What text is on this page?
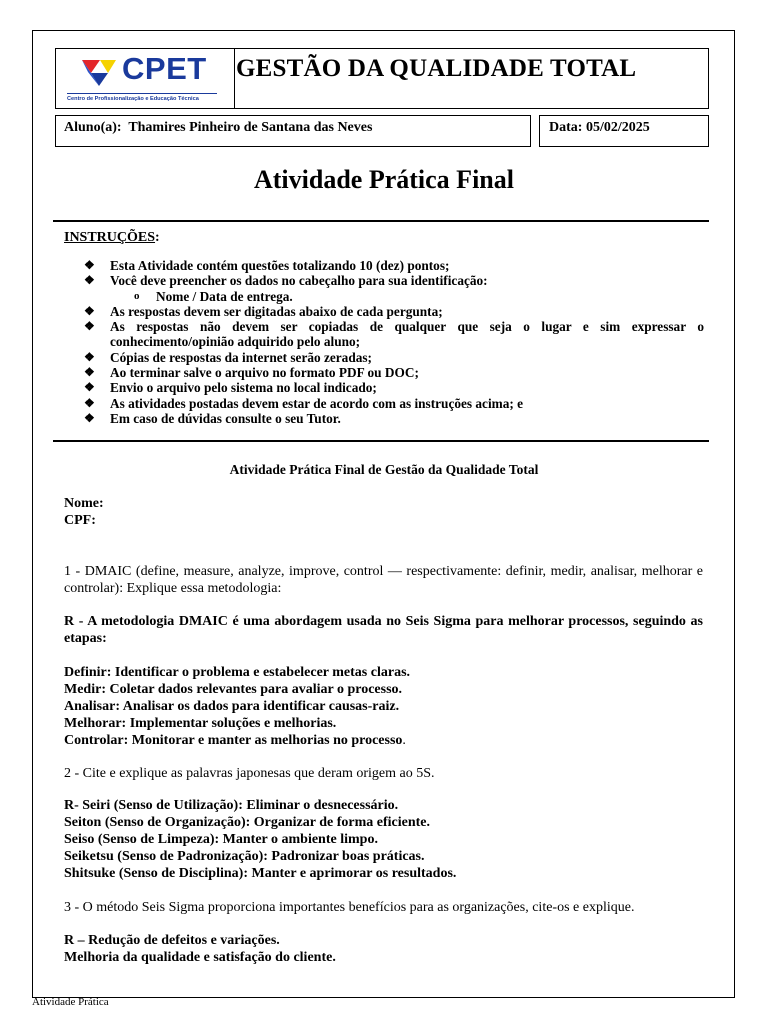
CPET
Centro de Profissionalização e Educação Técnica
GESTÃO DA QUALIDADE TOTAL
Aluno(a): Thamires Pinheiro de Santana das Neves	Data: 05/02/2025
Atividade Prática Final
INSTRUÇÕES:
❖ Esta Atividade contém questões totalizando 10 (dez) pontos;
❖ Você deve preencher os dados no cabeçalho para sua identificação:
o Nome / Data de entrega.
❖ As respostas devem ser digitadas abaixo de cada pergunta;
❖ As respostas não devem ser copiadas de qualquer que seja o lugar e sim expressar o conhecimento/opinião adquirido pelo aluno;
❖ Cópias de respostas da internet serão zeradas;
❖ Ao terminar salve o arquivo no formato PDF ou DOC;
❖ Envio o arquivo pelo sistema no local indicado;
❖ As atividades postadas devem estar de acordo com as instruções acima; e
❖ Em caso de dúvidas consulte o seu Tutor.
Atividade Prática Final de Gestão da Qualidade Total

Nome:

CPF:

1 - DMAIC (define, measure, analyze, improve, control — respectivamente: definir, medir, analisar, melhorar e controlar): Explique essa metodologia:
R - A metodologia DMAIC é uma abordagem usada no Seis Sigma para melhorar processos, seguindo as etapas:

Definir: Identificar o problema e estabelecer metas claras.

Medir: Coletar dados relevantes para avaliar o processo.

Analisar: Analisar os dados para identificar causas-raiz.

Melhorar: Implementar soluções e melhorias.

Controlar: Monitorar e manter as melhorias no processo.

2 - Cite e explique as palavras japonesas que deram origem ao 5S.

R- Seiri (Senso de Utilização): Eliminar o desnecessário.

Seiton (Senso de Organização): Organizar de forma eficiente.

Seiso (Senso de Limpeza): Manter o ambiente limpo.

Seiketsu (Senso de Padronização): Padronizar boas práticas.

Shitsuke (Senso de Disciplina): Manter e aprimorar os resultados.

3 - O método Seis Sigma proporciona importantes benefícios para as organizações, cite-os e explique.

R – Redução de defeitos e variações.

Melhoria da qualidade e satisfação do cliente.

Atividade Prática
